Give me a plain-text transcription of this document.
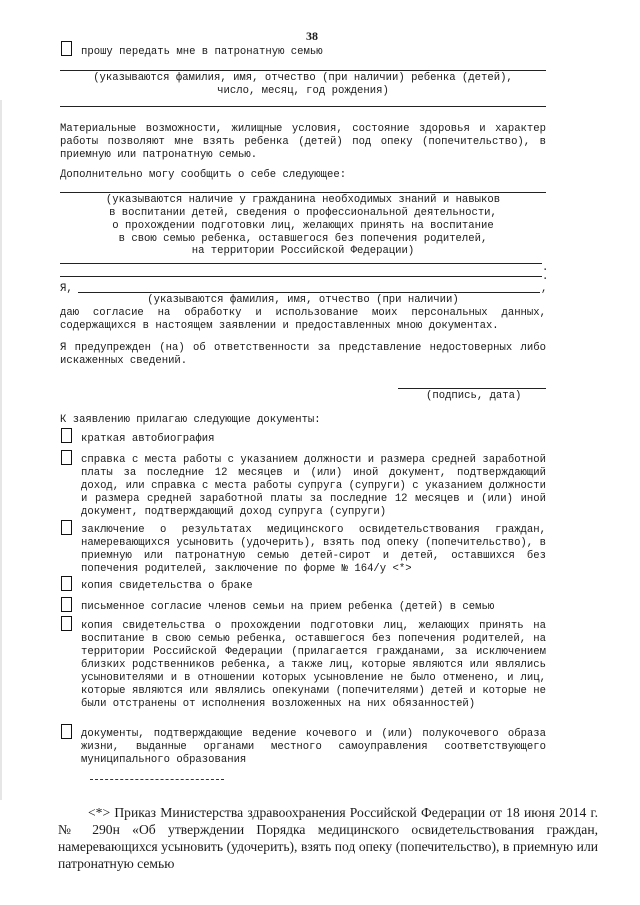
38
прошу передать мне в патронатную семью
(указываются фамилия, имя, отчество (при наличии) ребенка (детей),
число, месяц, год рождения)
Материальные возможности, жилищные условия, состояние здоровья и характер работы позволяют мне взять ребенка (детей) под опеку (попечительство), в приемную или патронатную семью.
Дополнительно могу сообщить о себе следующее:
(указываются наличие у гражданина необходимых знаний и навыков
в воспитании детей, сведения о профессиональной деятельности,
о прохождении подготовки лиц, желающих принять на воспитание
в свою семью ребенка, оставшегося без попечения родителей,
на территории Российской Федерации)
.
.
Я,	,
(указываются фамилия, имя, отчество (при наличии)
даю согласие на обработку и использование моих персональных данных, содержащихся в настоящем заявлении и предоставленных мною документах.
Я предупрежден (на) об ответственности за представление недостоверных либо искаженных сведений.
(подпись, дата)
К заявлению прилагаю следующие документы:
краткая автобиография
справка с места работы с указанием должности и размера средней заработной платы за последние 12 месяцев и (или) иной документ, подтверждающий доход, или справка с места работы супруга (супруги) с указанием должности и размера средней заработной платы за последние 12 месяцев и (или) иной документ, подтверждающий доход супруга (супруги)
заключение о результатах медицинского освидетельствования граждан, намеревающихся усыновить (удочерить), взять под опеку (попечительство), в приемную или патронатную семью детей-сирот и детей, оставшихся без попечения родителей, заключение по форме № 164/у <*>
копия свидетельства о браке
письменное согласие членов семьи на прием ребенка (детей) в семью
копия свидетельства о прохождении подготовки лиц, желающих принять на воспитание в свою семью ребенка, оставшегося без попечения родителей, на территории Российской Федерации (прилагается гражданами, за исключением близких родственников ребенка, а также лиц, которые являются или являлись усыновителями и в отношении которых усыновление не было отменено, и лиц, которые являются или являлись опекунами (попечителями) детей и которые не были отстранены от исполнения возложенных на них обязанностей)
документы, подтверждающие ведение кочевого и (или) полукочевого образа жизни, выданные органами местного самоуправления соответствующего муниципального образования
<*> Приказ Министерства здравоохранения Российской Федерации от 18 июня 2014 г. № 290н «Об утверждении Порядка медицинского освидетельствования граждан, намеревающихся усыновить (удочерить), взять под опеку (попечительство), в приемную или патронатную семью
